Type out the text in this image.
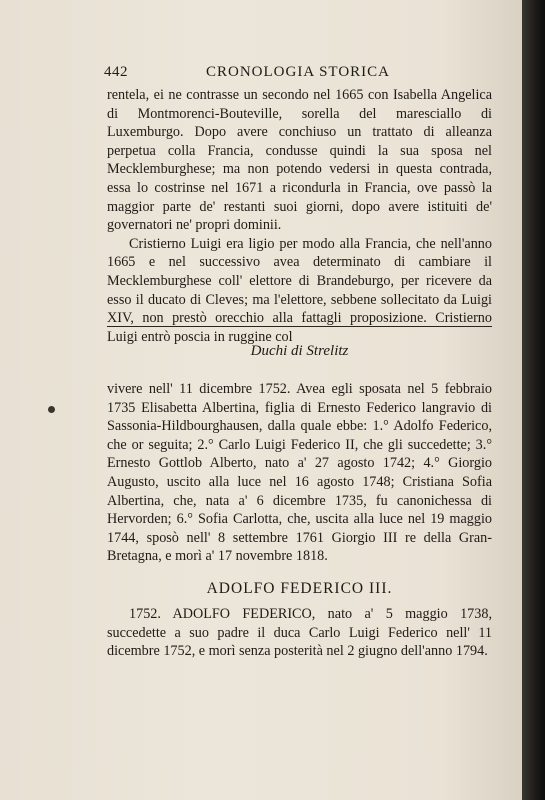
442	CRONOLOGIA STORICA

rentela, ei ne contrasse un secondo nel 1665 con Isabella Angelica di Montmorenci-Bouteville, sorella del maresciallo di Luxemburgo. Dopo avere conchiuso un trattato di alleanza perpetua colla Francia, condusse quindi la sua sposa nel Mecklemburghese; ma non potendo vedersi in questa contrada, essa lo costrinse nel 1671 a ricondurla in Francia, ove passò la maggior parte de' restanti suoi giorni, dopo avere istituiti de' governatori ne' propri dominii.

Cristierno Luigi era ligio per modo alla Francia, che nell'anno 1665 e nel successivo avea determinato di cambiare il Mecklemburghese coll' elettore di Brandeburgo, per ricevere da esso il ducato di Cleves; ma l'elettore, sebbene sollecitato da Luigi XIV, non prestò orecchio alla fattagli proposizione. Cristierno Luigi entrò poscia in ruggine col

Duchi di Strelitz

vivere nell' 11 dicembre 1752. Avea egli sposata nel 5 febbraio 1735 Elisabetta Albertina, figlia di Ernesto Federico langravio di Sassonia-Hildbourghausen, dalla quale ebbe: 1.° Adolfo Federico, che or seguita; 2.° Carlo Luigi Federico II, che gli succedette; 3.° Ernesto Gottlob Alberto, nato a' 27 agosto 1742; 4.° Giorgio Augusto, uscito alla luce nel 16 agosto 1748; Cristiana Sofia Albertina, che, nata a' 6 dicembre 1735, fu canonichessa di Hervorden; 6.° Sofia Carlotta, che, uscita alla luce nel 19 maggio 1744, sposò nell' 8 settembre 1761 Giorgio III re della Gran-Bretagna, e morì a' 17 novembre 1818.

ADOLFO FEDERICO III.

1752. ADOLFO FEDERICO, nato a' 5 maggio 1738, succedette a suo padre il duca Carlo Luigi Federico nell' 11 dicembre 1752, e morì senza posterità nel 2 giugno dell'anno 1794.
